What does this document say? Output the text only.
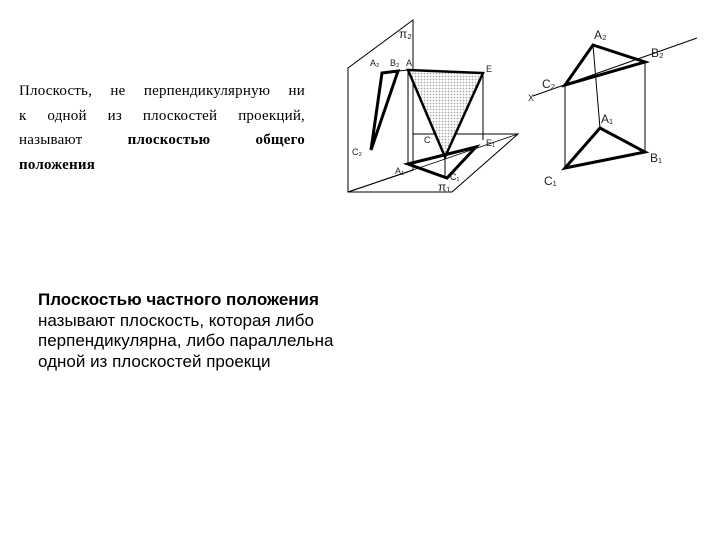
Плоскость, не перпендикулярную ни
к одной из плоскостей проекций,
называют	плоскостью	общего
положения
Плоскостью частного положения называют плоскость, которая либо перпендикулярна, либо параллельна одной из плоскостей проекци
π₂
A₂ B₂ A
E
C
C₂
E₁
A₁
C₁
π₁
A₂
B₂
C₂
X
A₁
B₁
C₁
